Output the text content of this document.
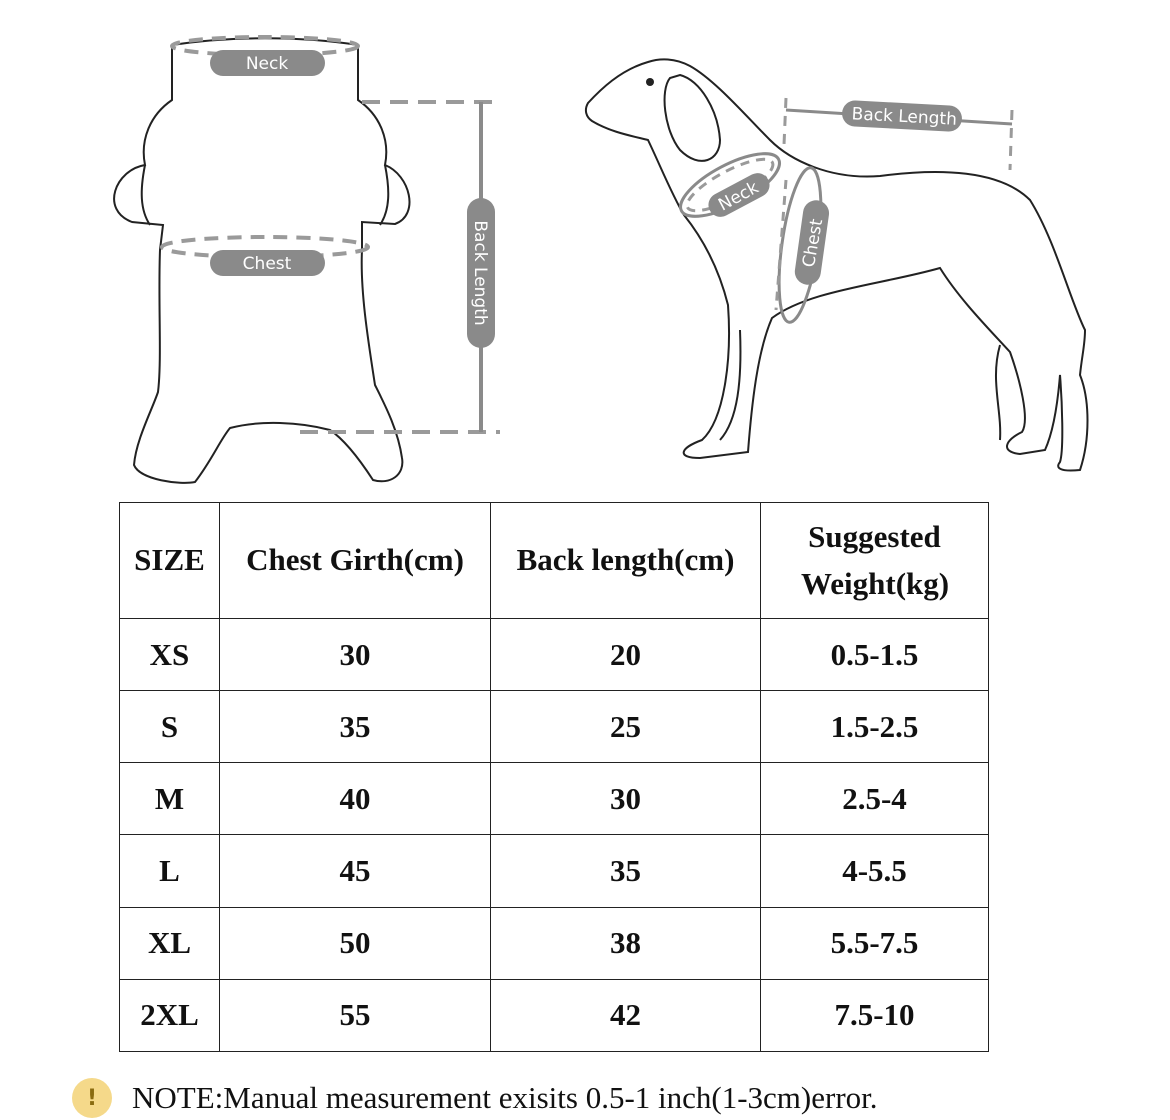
Neck
Chest	Back Length
Back Length
Neck
Chest
SIZE	Chest Girth(cm)	Back length(cm)	Suggested Weight(kg)
XS	30	20	0.5-1.5
S	35	25	1.5-2.5
M	40	30	2.5-4
L	45	35	4-5.5
XL	50	38	5.5-7.5
2XL	55	42	7.5-10
!	NOTE:Manual measurement exisits 0.5-1 inch(1-3cm)error.
